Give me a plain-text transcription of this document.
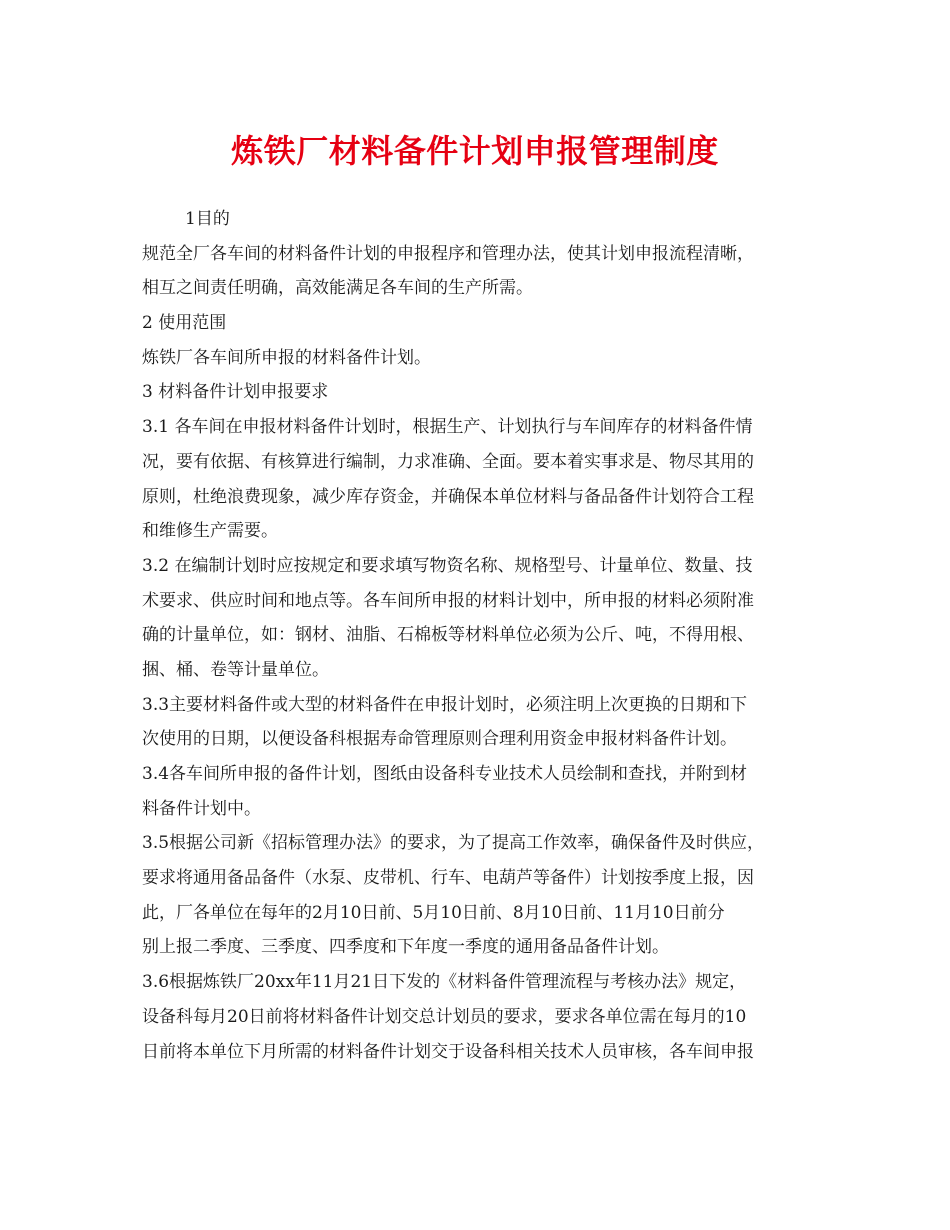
炼铁厂材料备件计划申报管理制度
1目的
规范全厂各车间的材料备件计划的申报程序和管理办法，使其计划申报流程清晰，
相互之间责任明确，高效能满足各车间的生产所需。
2 使用范围
炼铁厂各车间所申报的材料备件计划。
3 材料备件计划申报要求
3.1 各车间在申报材料备件计划时，根据生产、计划执行与车间库存的材料备件情
况，要有依据、有核算进行编制，力求准确、全面。要本着实事求是、物尽其用的
原则，杜绝浪费现象，减少库存资金，并确保本单位材料与备品备件计划符合工程
和维修生产需要。
3.2 在编制计划时应按规定和要求填写物资名称、规格型号、计量单位、数量、技
术要求、供应时间和地点等。各车间所申报的材料计划中，所申报的材料必须附准
确的计量单位，如：钢材、油脂、石棉板等材料单位必须为公斤、吨，不得用根、
捆、桶、卷等计量单位。
3.3主要材料备件或大型的材料备件在申报计划时，必须注明上次更换的日期和下
次使用的日期，以便设备科根据寿命管理原则合理利用资金申报材料备件计划。
3.4各车间所申报的备件计划，图纸由设备科专业技术人员绘制和查找，并附到材
料备件计划中。
3.5根据公司新《招标管理办法》的要求，为了提高工作效率，确保备件及时供应，
要求将通用备品备件（水泵、皮带机、行车、电葫芦等备件）计划按季度上报，因
此，厂各单位在每年的2月10日前、5月10日前、8月10日前、11月10日前分
别上报二季度、三季度、四季度和下年度一季度的通用备品备件计划。
3.6根据炼铁厂20xx年11月21日下发的《材料备件管理流程与考核办法》规定，
设备科每月20日前将材料备件计划交总计划员的要求，要求各单位需在每月的10
日前将本单位下月所需的材料备件计划交于设备科相关技术人员审核，各车间申报
